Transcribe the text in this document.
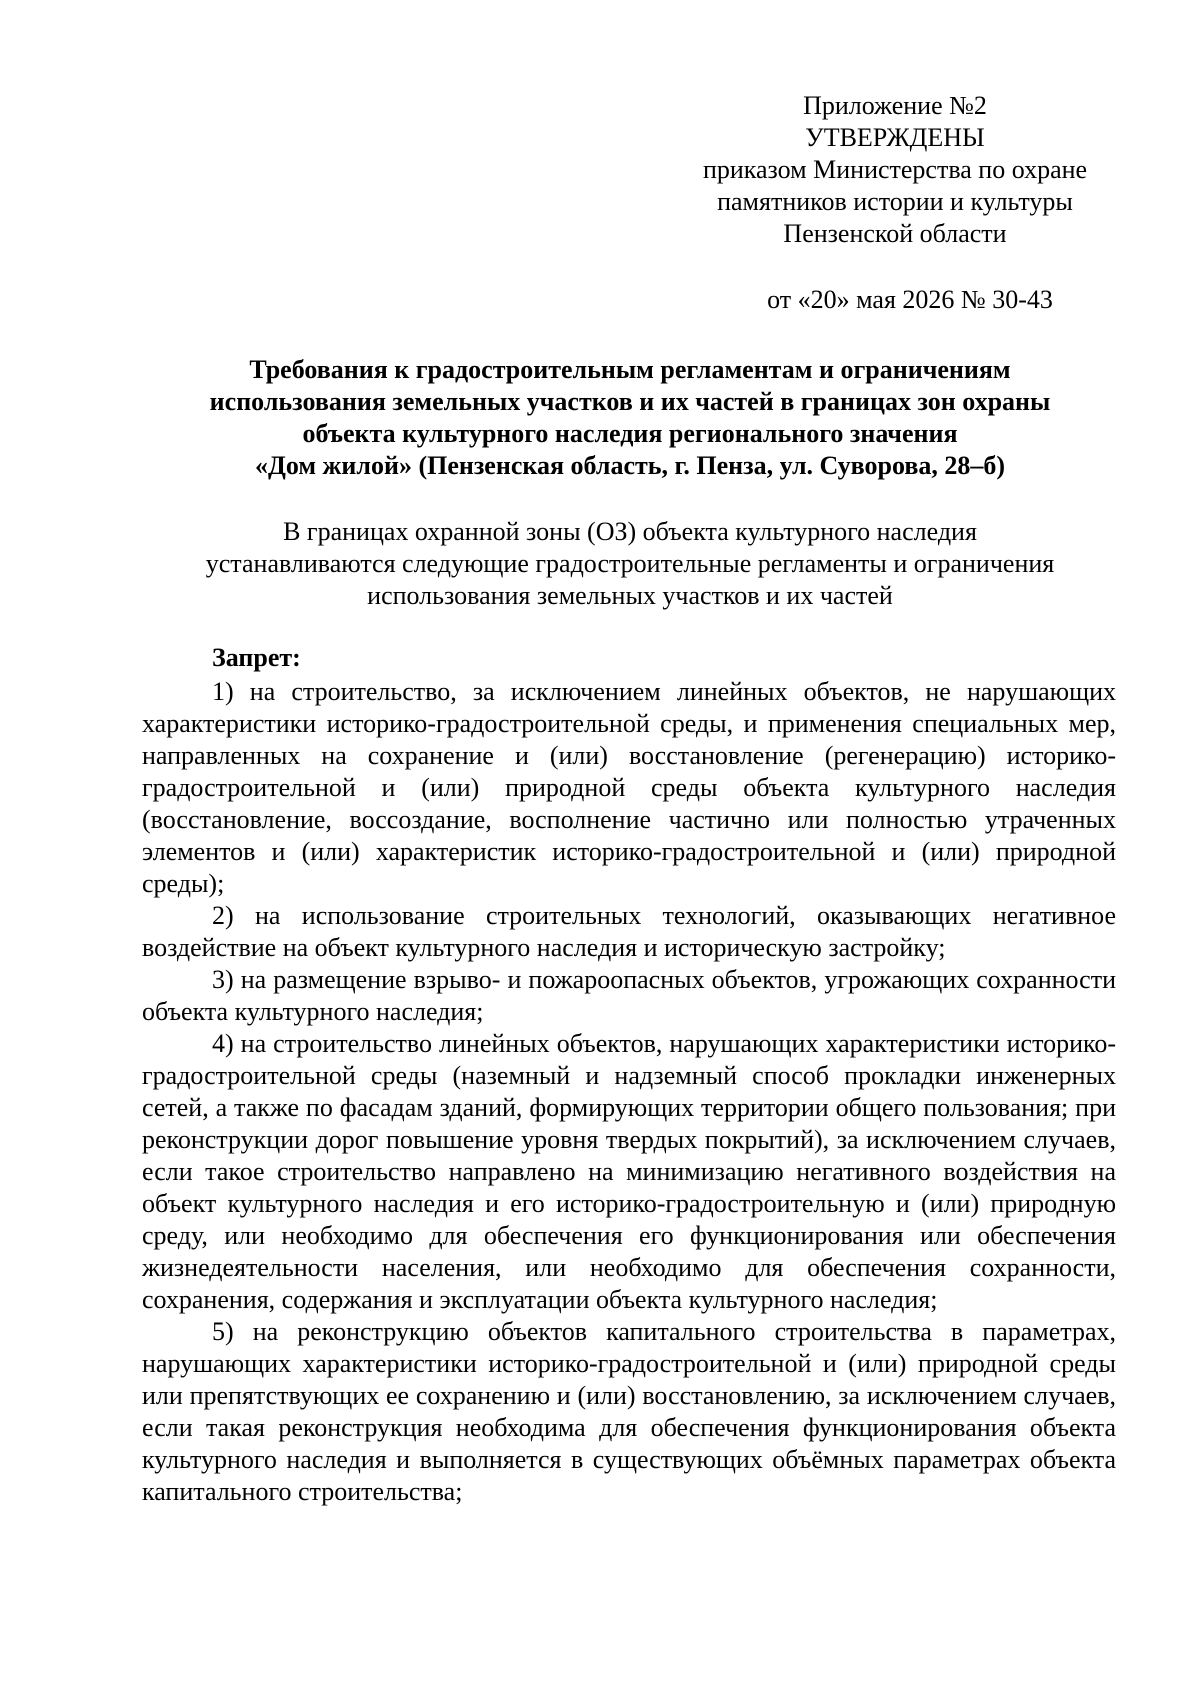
Приложение №2
УТВЕРЖДЕНЫ
приказом Министерства по охране
памятников истории и культуры
Пензенской области
от «20» мая 2026 № 30-43
Требования к градостроительным регламентам и ограничениям
использования земельных участков и их частей в границах зон охраны
объекта культурного наследия регионального значения
«Дом жилой» (Пензенская область, г. Пенза, ул. Суворова, 28–б)
В границах охранной зоны (ОЗ) объекта культурного наследия
устанавливаются следующие градостроительные регламенты и ограничения
использования земельных участков и их частей
Запрет:

1) на строительство, за исключением линейных объектов, не нарушающих характеристики историко-градостроительной среды, и применения специальных мер, направленных на сохранение и (или) восстановление (регенерацию) историко-градостроительной и (или) природной среды объекта культурного наследия (восстановление, воссоздание, восполнение частично или полностью утраченных элементов и (или) характеристик историко-градостроительной и (или) природной среды);

2) на использование строительных технологий, оказывающих негативное воздействие на объект культурного наследия и историческую застройку;

3) на размещение взрыво- и пожароопасных объектов, угрожающих сохранности объекта культурного наследия;

4) на строительство линейных объектов, нарушающих характеристики историко-градостроительной среды (наземный и надземный способ прокладки инженерных сетей, а также по фасадам зданий, формирующих территории общего пользования; при реконструкции дорог повышение уровня твердых покрытий), за исключением случаев, если такое строительство направлено на минимизацию негативного воздействия на объект культурного наследия и его историко-градостроительную и (или) природную среду, или необходимо для обеспечения его функционирования или обеспечения жизнедеятельности населения, или необходимо для обеспечения сохранности, сохранения, содержания и эксплуатации объекта культурного наследия;

5) на реконструкцию объектов капитального строительства в параметрах, нарушающих характеристики историко-градостроительной и (или) природной среды или препятствующих ее сохранению и (или) восстановлению, за исключением случаев, если такая реконструкция необходима для обеспечения функционирования объекта культурного наследия и выполняется в существующих объёмных параметрах объекта капитального строительства;
